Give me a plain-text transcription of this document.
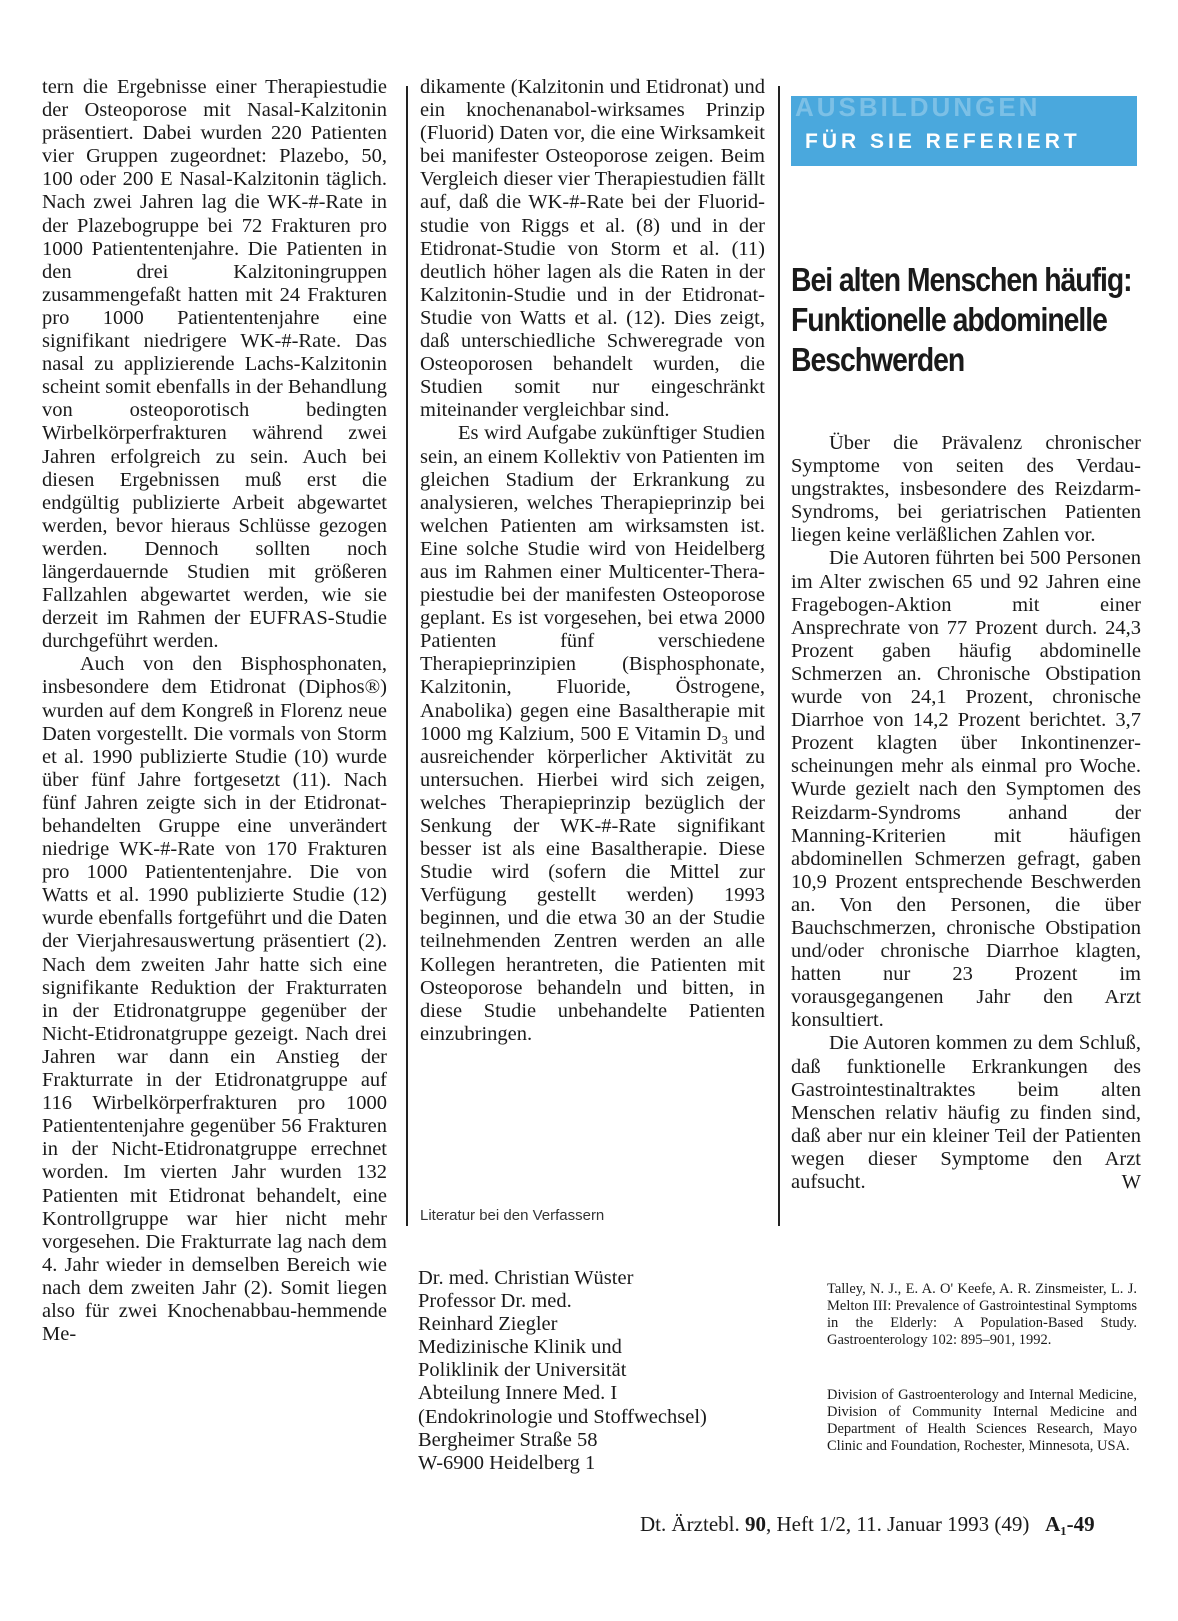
tern die Ergebnisse einer Therapiestudie der Osteoporose mit Nasal-Kalzitonin präsentiert. Dabei wurden 220 Patienten vier Gruppen zugeordnet: Plazebo, 50, 100 oder 200 E Nasal-Kalzitonin täglich. Nach zwei Jahren lag die WK-#-Rate in der Plazebogruppe bei 72 Frakturen pro 1000 Patiententenjahre. Die Patienten in den drei Kalzitoningruppen zusammengefaßt hatten mit 24 Frakturen pro 1000 Patiententenjahre eine signifikant niedrigere WK-#-Rate. Das nasal zu applizierende Lachs-Kalzitonin scheint somit ebenfalls in der Behandlung von osteoporotisch bedingten Wirbelkörperfrakturen während zwei Jahren erfolgreich zu sein. Auch bei diesen Ergebnissen muß erst die endgültig publizierte Arbeit abgewartet werden, bevor hieraus Schlüsse gezogen werden. Dennoch sollten noch längerdauernde Studien mit größeren Fallzahlen abgewartet werden, wie sie derzeit im Rahmen der EUFRAS-Studie durchgeführt werden.

Auch von den Bisphosphonaten, insbesondere dem Etidronat (Diphos®) wurden auf dem Kongreß in Florenz neue Daten vorgestellt. Die vormals von Storm et al. 1990 publizierte Studie (10) wurde über fünf Jahre fortgesetzt (11). Nach fünf Jahren zeigte sich in der Etidronatbehandelten Gruppe eine unverändert niedrige WK-#-Rate von 170 Frakturen pro 1000 Patiententenjahre. Die von Watts et al. 1990 publizierte Studie (12) wurde ebenfalls fortgeführt und die Daten der Vierjahresauswertung präsentiert (2). Nach dem zweiten Jahr hatte sich eine signifikante Reduktion der Frakturraten in der Etidronatgruppe gegenüber der Nicht-Etidronatgruppe gezeigt. Nach drei Jahren war dann ein Anstieg der Frakturrate in der Etidronatgruppe auf 116 Wirbelkörperfrakturen pro 1000 Patiententenjahre gegenüber 56 Frakturen in der Nicht-Etidronatgruppe errechnet worden. Im vierten Jahr wurden 132 Patienten mit Etidronat behandelt, eine Kontrollgruppe war hier nicht mehr vorgesehen. Die Frakturrate lag nach dem 4. Jahr wieder in demselben Bereich wie nach dem zweiten Jahr (2). Somit liegen also für zwei Knochenabbau-hemmende Me-

dikamente (Kalzitonin und Etidronat) und ein knochenanabol-wirksames Prinzip (Fluorid) Daten vor, die eine Wirksamkeit bei manifester Osteoporose zeigen. Beim Vergleich dieser vier Therapiestudien fällt auf, daß die WK-#-Rate bei der Fluoridstudie von Riggs et al. (8) und in der Etidronat-Studie von Storm et al. (11) deutlich höher lagen als die Raten in der Kalzitonin-Studie und in der Etidronat-Studie von Watts et al. (12). Dies zeigt, daß unterschiedliche Schweregrade von Osteoporosen behandelt wurden, die Studien somit nur eingeschränkt miteinander vergleichbar sind.

Es wird Aufgabe zukünftiger Studien sein, an einem Kollektiv von Patienten im gleichen Stadium der Erkrankung zu analysieren, welches Therapieprinzip bei welchen Patienten am wirksamsten ist. Eine solche Studie wird von Heidelberg aus im Rahmen einer Multicenter-Therapiestudie bei der manifesten Osteoporose geplant. Es ist vorgesehen, bei etwa 2000 Patienten fünf verschiedene Therapieprinzipien (Bisphosphonate, Kalzitonin, Fluoride, Östrogene, Anabolika) gegen eine Basaltherapie mit 1000 mg Kalzium, 500 E Vitamin D₃ und ausreichender körperlicher Aktivität zu untersuchen. Hierbei wird sich zeigen, welches Therapieprinzip bezüglich der Senkung der WK-#-Rate signifikant besser ist als eine Basaltherapie. Diese Studie wird (sofern die Mittel zur Verfügung gestellt werden) 1993 beginnen, und die etwa 30 an der Studie teilnehmenden Zentren werden an alle Kollegen herantreten, die Patienten mit Osteoporose behandeln und bitten, in diese Studie unbehandelte Patienten einzubringen.

Literatur bei den Verfassern
Dr. med. Christian Wüster
Professor Dr. med.
Reinhard Ziegler
Medizinische Klinik und
Poliklinik der Universität
Abteilung Innere Med. I
(Endokrinologie und Stoffwechsel)
Bergheimer Straße 58
W-6900 Heidelberg 1
AUSBILDUNGEN
FÜR SIE REFERIERT
Bei alten Menschen häufig: Funktionelle abdominelle Beschwerden

Über die Prävalenz chronischer Symptome von seiten des Verdauungstraktes, insbesondere des Reizdarm-Syndroms, bei geriatrischen Patienten liegen keine verläßlichen Zahlen vor.

Die Autoren führten bei 500 Personen im Alter zwischen 65 und 92 Jahren eine Fragebogen-Aktion mit einer Ansprechrate von 77 Prozent durch. 24,3 Prozent gaben häufig abdominelle Schmerzen an. Chronische Obstipation wurde von 24,1 Prozent, chronische Diarrhoe von 14,2 Prozent berichtet. 3,7 Prozent klagten über Inkontinenzerscheinungen mehr als einmal pro Woche. Wurde gezielt nach den Symptomen des Reizdarm-Syndroms anhand der Manning-Kriterien mit häufigen abdominellen Schmerzen gefragt, gaben 10,9 Prozent entsprechende Beschwerden an. Von den Personen, die über Bauchschmerzen, chronische Obstipation und/oder chronische Diarrhoe klagten, hatten nur 23 Prozent im vorausgegangenen Jahr den Arzt konsultiert.

Die Autoren kommen zu dem Schluß, daß funktionelle Erkrankungen des Gastrointestinaltraktes beim alten Menschen relativ häufig zu finden sind, daß aber nur ein kleiner Teil der Patienten wegen dieser Symptome den Arzt aufsucht.	W

Talley, N. J., E. A. O' Keefe, A. R. Zinsmeister, L. J. Melton III: Prevalence of Gastrointestinal Symptoms in the Elderly: A Population-Based Study. Gastroenterology 102: 895–901, 1992.
Division of Gastroenterology and Internal Medicine, Division of Community Internal Medicine and Department of Health Sciences Research, Mayo Clinic and Foundation, Rochester, Minnesota, USA.
Dt. Ärztebl. 90, Heft 1/2, 11. Januar 1993 (49) A₁-49
